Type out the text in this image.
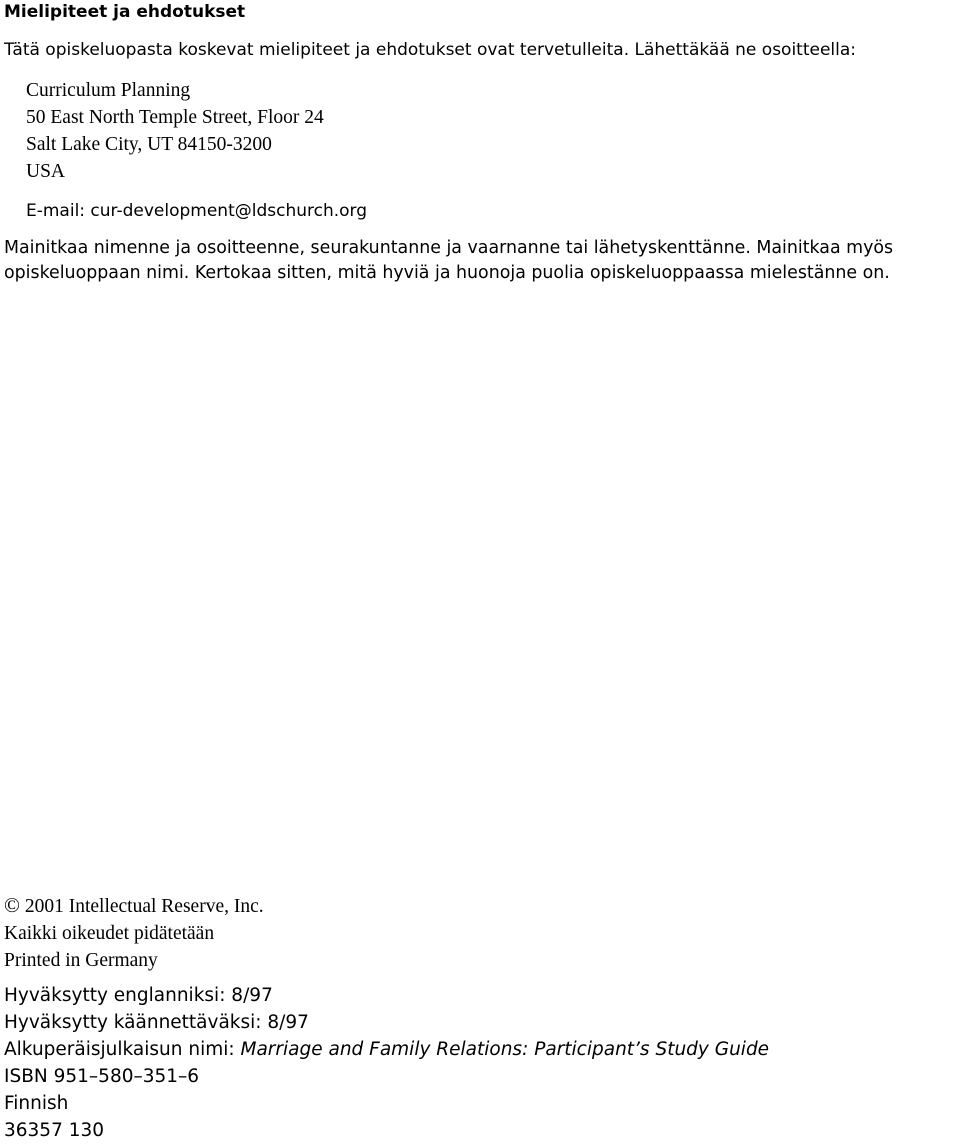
Mielipiteet ja ehdotukset
Tätä opiskeluopasta koskevat mielipiteet ja ehdotukset ovat tervetulleita. Lähettäkää ne osoitteella:
Curriculum Planning
50 East North Temple Street, Floor 24
Salt Lake City, UT 84150-3200
USA
E-mail: cur-development@ldschurch.org
Mainitkaa nimenne ja osoitteenne, seurakuntanne ja vaarnanne tai lähetyskenttänne. Mainitkaa myös
opiskeluoppaan nimi. Kertokaa sitten, mitä hyviä ja huonoja puolia opiskeluoppaassa mielestänne on.
© 2001 Intellectual Reserve, Inc.
Kaikki oikeudet pidätetään
Printed in Germany
Hyväksytty englanniksi: 8/97
Hyväksytty käännettäväksi: 8/97
Alkuperäisjulkaisun nimi: Marriage and Family Relations: Participant’s Study Guide
ISBN 951–580–351–6
Finnish
36357 130
